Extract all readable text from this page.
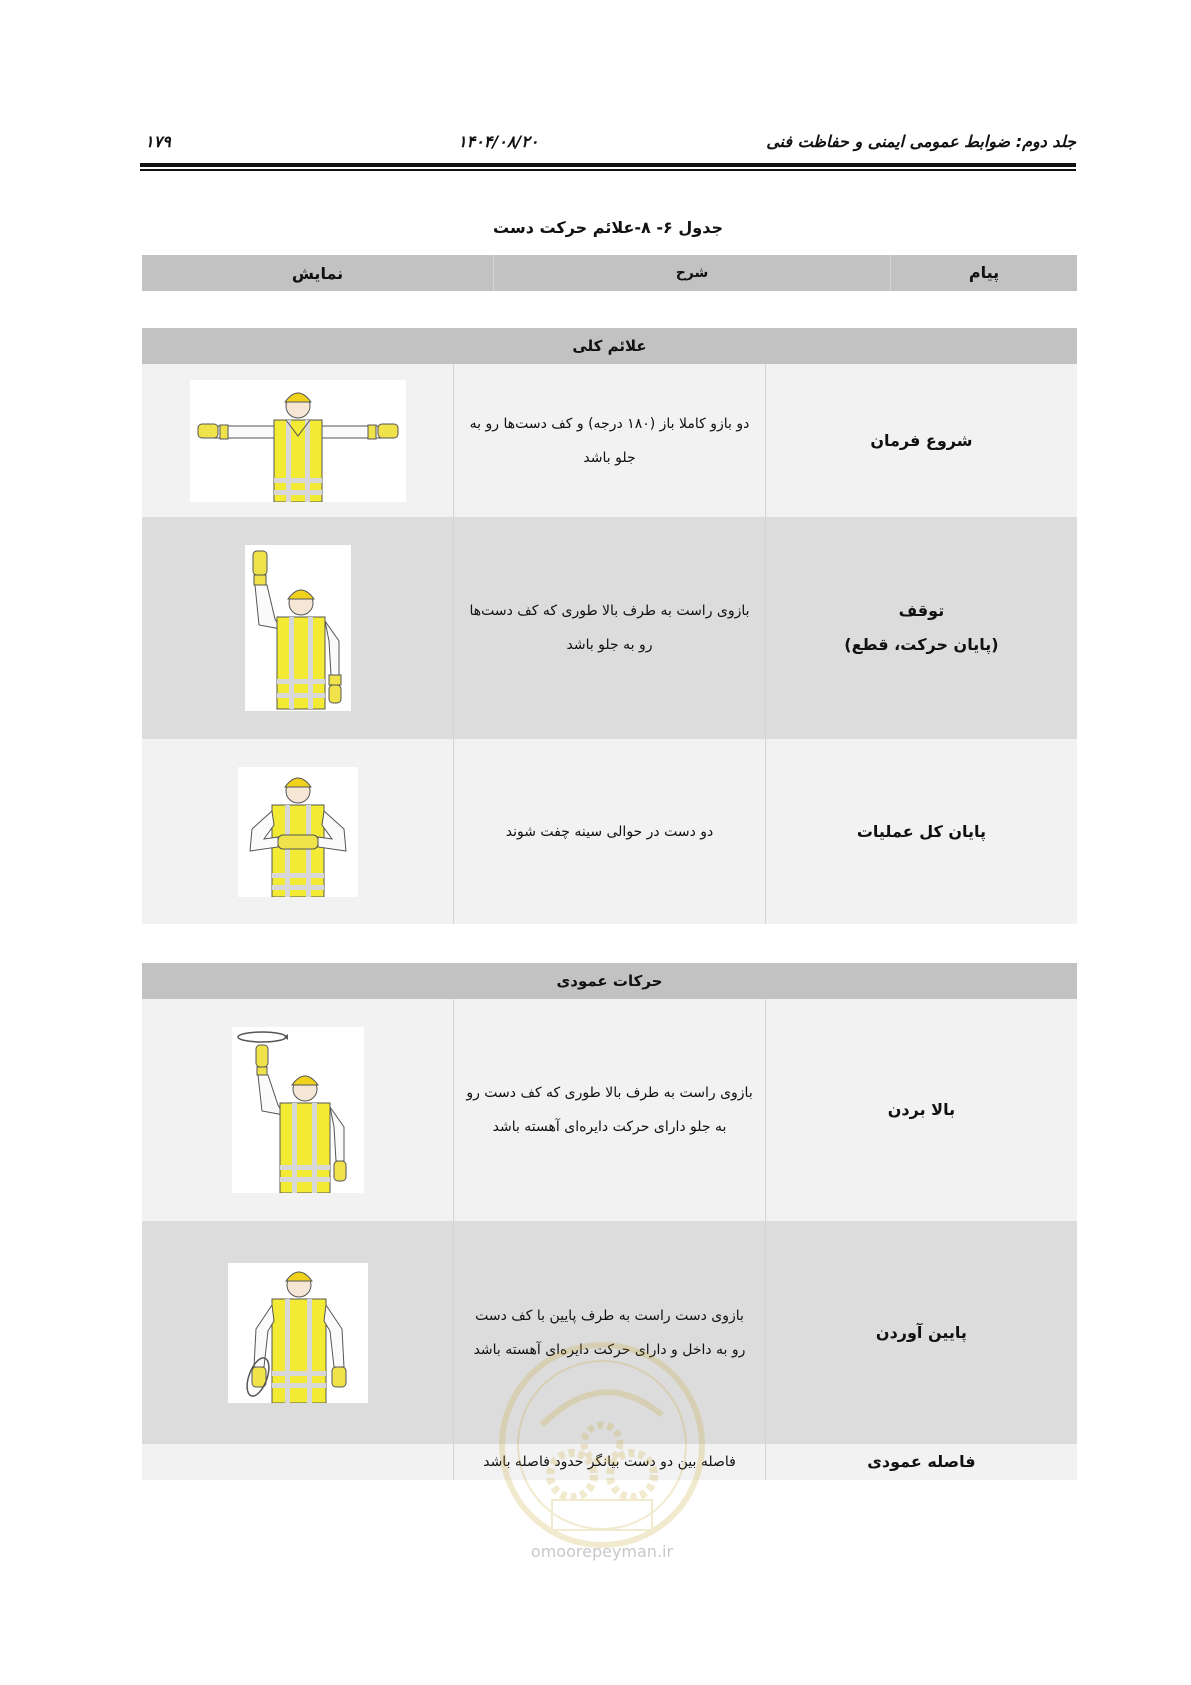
جلد دوم: ضوابط عمومی ایمنی و حفاظت فنی
۱۴۰۴/۰۸/۲۰
۱۷۹
جدول ۶- ۸-علائم حرکت دست
پیام	شرح	نمایش
علائم کلی		
شروع فرمان	دو بازو کاملا باز (۱۸۰ درجه) و کف دست‌ها رو به جلو باشد	

توقف
(پایان حرکت، قطع)	بازوی راست به طرف بالا طوری که کف دست‌ها رو به جلو باشد	

پایان کل عملیات	دو دست در حوالی سینه چفت شوند	
حرکات عمودی		
بالا بردن	بازوی راست به طرف بالا طوری که کف دست رو به جلو دارای حرکت دایره‌ای آهسته باشد	

پایین آوردن	بازوی دست راست به طرف پایین با کف دست رو به داخل و دارای حرکت دایره‌ای آهسته باشد	

فاصله عمودی	فاصله بین دو دست بیانگر حدود فاصله باشد	
omoorepeyman.ir
